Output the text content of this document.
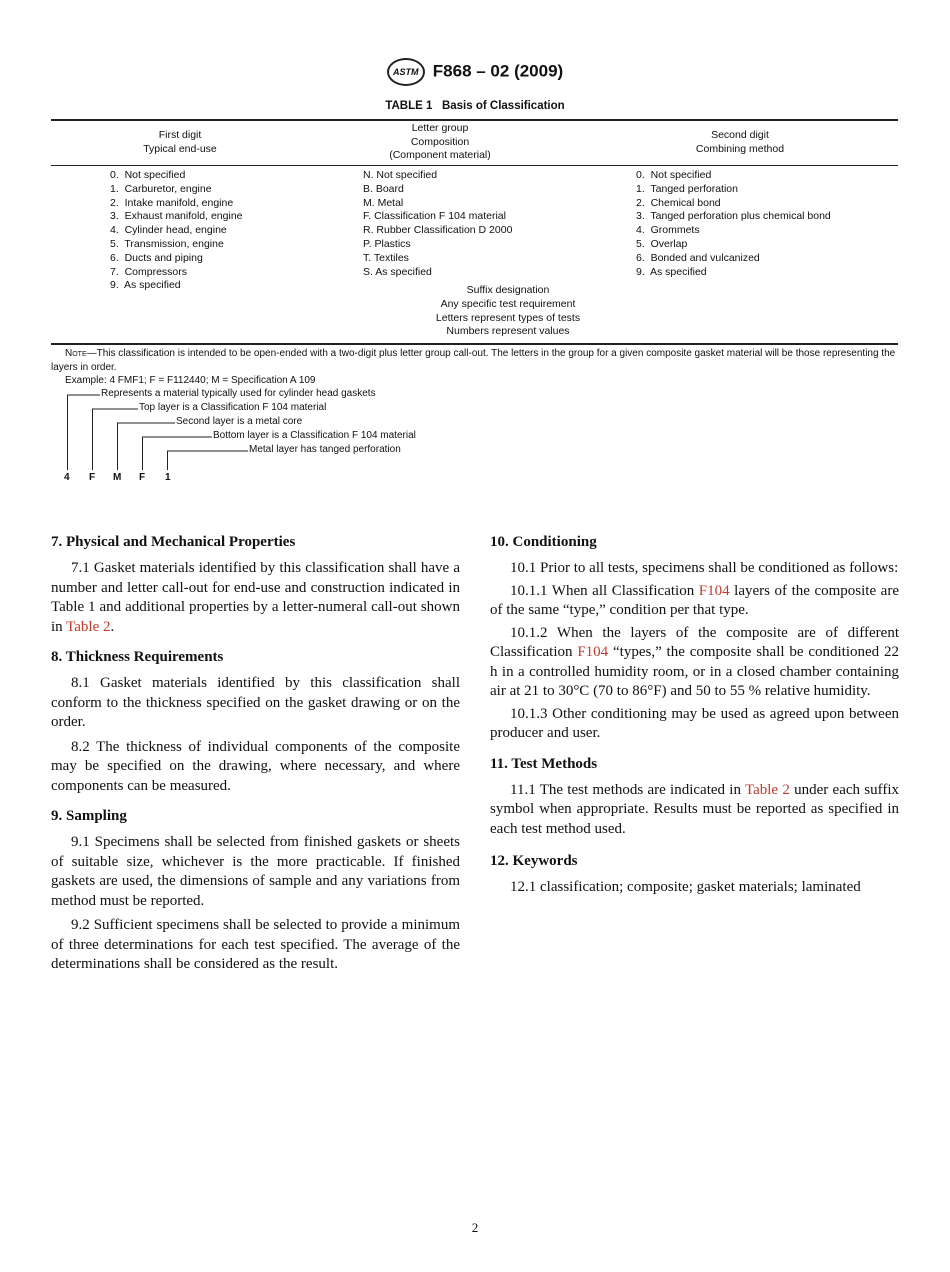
ASTM F868 – 02 (2009)
TABLE 1   Basis of Classification
First digit
Typical end-use
Letter group
Composition
(Component material)
Second digit
Combining method
0.  Not specified
1.  Carburetor, engine
2.  Intake manifold, engine
3.  Exhaust manifold, engine
4.  Cylinder head, engine
5.  Transmission, engine
6.  Ducts and piping
7.  Compressors
9.  As specified
N. Not specified
B. Board
M. Metal
F. Classification F 104 material
R. Rubber Classification D 2000
P. Plastics
T. Textiles
S. As specified
0.  Not specified
1.  Tanged perforation
2.  Chemical bond
3.  Tanged perforation plus chemical bond
4.  Grommets
5.  Overlap
6.  Bonded and vulcanized
9.  As specified
Suffix designation
Any specific test requirement
Letters represent types of tests
Numbers represent values
Note—This classification is intended to be open-ended with a two-digit plus letter group call-out. The letters in the group for a given composite gasket material will be those representing the layers in order.
Example: 4 FMF1; F = F112440; M = Specification A 109
Represents a material typically used for cylinder head gaskets
Top layer is a Classification F 104 material
Second layer is a metal core
Bottom layer is a Classification F 104 material
Metal layer has tanged perforation
4 F M F 1
7. Physical and Mechanical Properties
7.1 Gasket materials identified by this classification shall have a number and letter call-out for end-use and construction indicated in Table 1 and additional properties by a letter-numeral call-out shown in Table 2.
8. Thickness Requirements
8.1 Gasket materials identified by this classification shall conform to the thickness specified on the gasket drawing or on the order.
8.2 The thickness of individual components of the composite may be specified on the drawing, where necessary, and where components can be measured.
9. Sampling
9.1 Specimens shall be selected from finished gaskets or sheets of suitable size, whichever is the more practicable. If finished gaskets are used, the dimensions of sample and any variations from method must be reported.
9.2 Sufficient specimens shall be selected to provide a minimum of three determinations for each test specified. The average of the determinations shall be considered as the result.
10. Conditioning
10.1 Prior to all tests, specimens shall be conditioned as follows:
10.1.1 When all Classification F104 layers of the composite are of the same “type,” condition per that type.
10.1.2 When the layers of the composite are of different Classification F104 “types,” the composite shall be conditioned 22 h in a controlled humidity room, or in a closed chamber containing air at 21 to 30°C (70 to 86°F) and 50 to 55 % relative humidity.
10.1.3 Other conditioning may be used as agreed upon between producer and user.
11. Test Methods
11.1 The test methods are indicated in Table 2 under each suffix symbol when appropriate. Results must be reported as specified in each test method used.
12. Keywords
12.1 classification; composite; gasket materials; laminated
2
